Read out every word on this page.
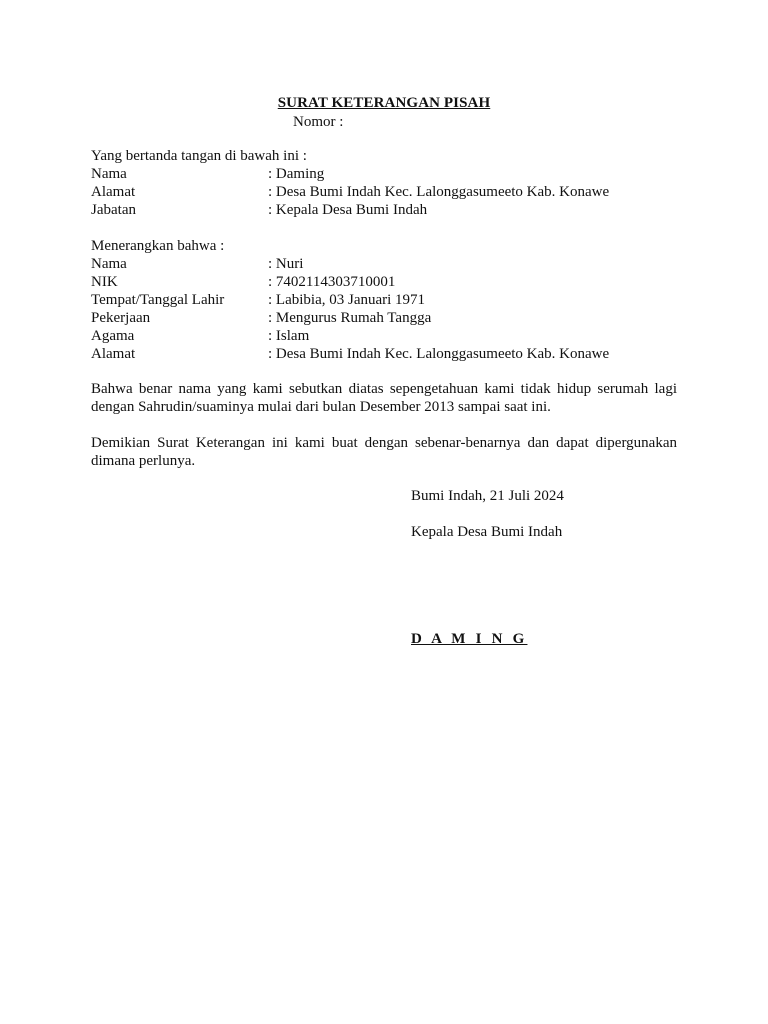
SURAT KETERANGAN PISAH
Nomor :
Yang bertanda tangan di bawah ini :
Nama	: Daming
Alamat	: Desa Bumi Indah Kec. Lalonggasumeeto Kab. Konawe
Jabatan	: Kepala Desa Bumi Indah
Menerangkan bahwa :
Nama	: Nuri
NIK	: 7402114303710001
Tempat/Tanggal Lahir	: Labibia, 03 Januari 1971
Pekerjaan	: Mengurus Rumah Tangga
Agama	: Islam
Alamat	: Desa Bumi Indah Kec. Lalonggasumeeto Kab. Konawe
Bahwa benar nama yang kami sebutkan diatas sepengetahuan kami tidak hidup serumah lagi dengan Sahrudin/suaminya mulai dari bulan Desember 2013 sampai saat ini.
Demikian Surat Keterangan ini kami buat dengan sebenar-benarnya dan dapat dipergunakan dimana perlunya.
Bumi Indah, 21 Juli 2024
Kepala Desa Bumi Indah
D A M I N G
